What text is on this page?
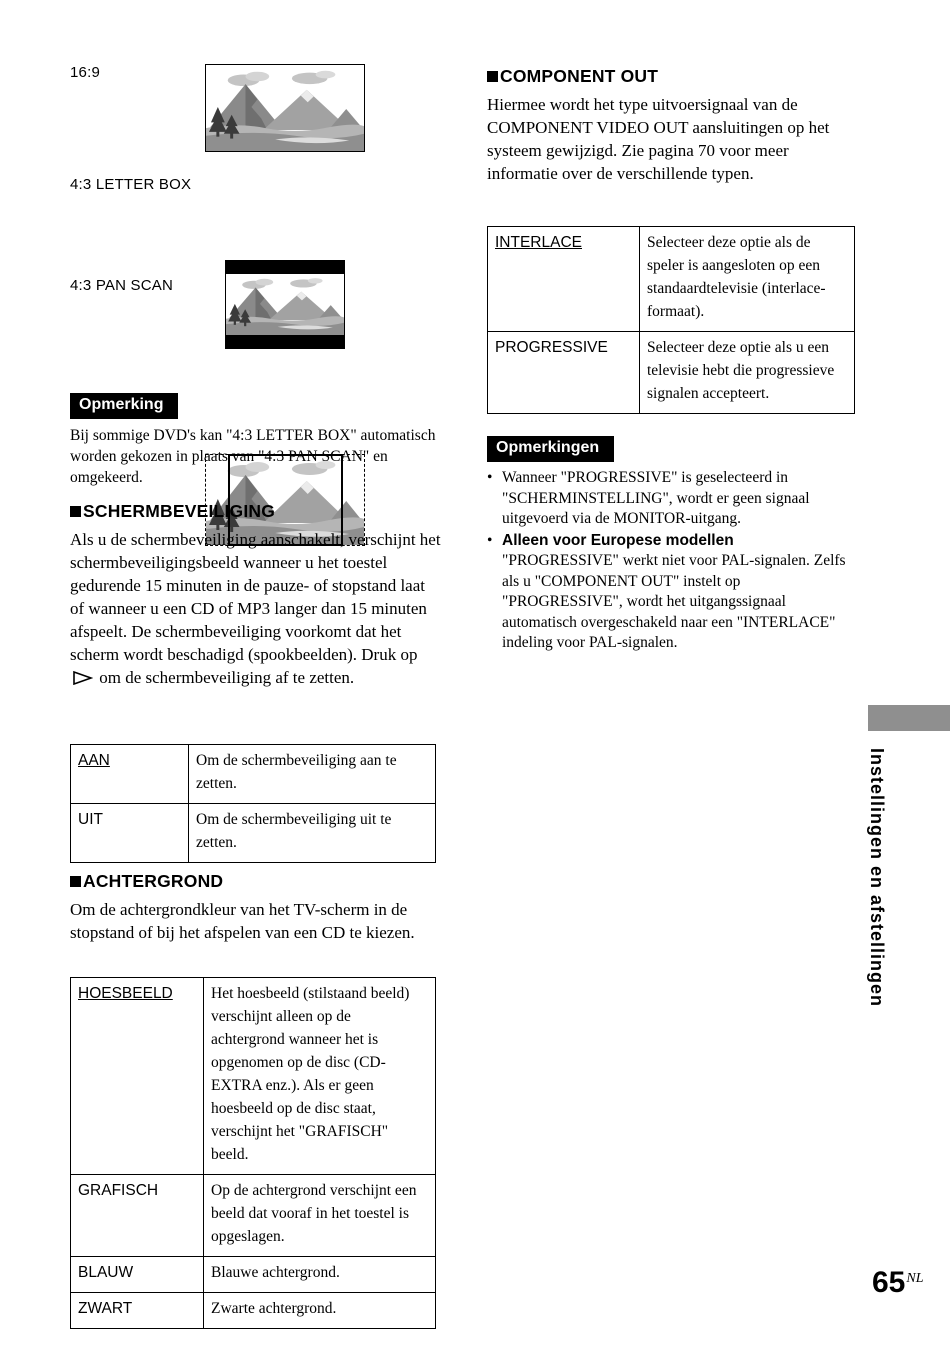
16:9
4:3 LETTER BOX
4:3 PAN SCAN
Opmerking
Bij sommige DVD's kan "4:3 LETTER BOX" automatisch worden gekozen in plaats van "4:3 PAN SCAN" en omgekeerd.
SCHERMBEVEILIGING

Als u de schermbeveiliging aanschakelt, verschijnt het schermbeveiligingsbeeld wanneer u het toestel gedurende 15 minuten in de pauze- of stopstand laat of wanneer u een CD of MP3 langer dan 15 minuten afspeelt. De schermbeveiliging voorkomt dat het scherm wordt beschadigd (spookbeelden). Druk op  om de schermbeveiliging af te zetten.

AAN	Om de schermbeveiliging aan te zetten.
UIT	Om de schermbeveiliging uit te zetten.
ACHTERGROND

Om de achtergrondkleur van het TV-scherm in de stopstand of bij het afspelen van een CD te kiezen.

HOESBEELD	Het hoesbeeld (stilstaand beeld) verschijnt alleen op de achtergrond wanneer het is opgenomen op de disc (CD-EXTRA enz.). Als er geen hoesbeeld op de disc staat, verschijnt het "GRAFISCH" beeld.
GRAFISCH	Op de achtergrond verschijnt een beeld dat vooraf in het toestel is opgeslagen.
BLAUW	Blauwe achtergrond.
ZWART	Zwarte achtergrond.
COMPONENT OUT

Hiermee wordt het type uitvoersignaal van de COMPONENT VIDEO OUT aansluitingen op het systeem gewijzigd. Zie pagina 70 voor meer informatie over de verschillende typen.

INTERLACE	Selecteer deze optie als de speler is aangesloten op een standaardtelevisie (interlace-formaat).
PROGRESSIVE	Selecteer deze optie als u een televisie hebt die progressieve signalen accepteert.
Opmerkingen
• Wanneer "PROGRESSIVE" is geselecteerd in "SCHERMINSTELLING", wordt er geen signaal uitgevoerd via de MONITOR-uitgang.
• Alleen voor Europese modellen
"PROGRESSIVE" werkt niet voor PAL-signalen. Zelfs als u "COMPONENT OUT" instelt op "PROGRESSIVE", wordt het uitgangssignaal automatisch overgeschakeld naar een "INTERLACE" indeling voor PAL-signalen.
Instellingen en afstellingen
$65^{NL}$
